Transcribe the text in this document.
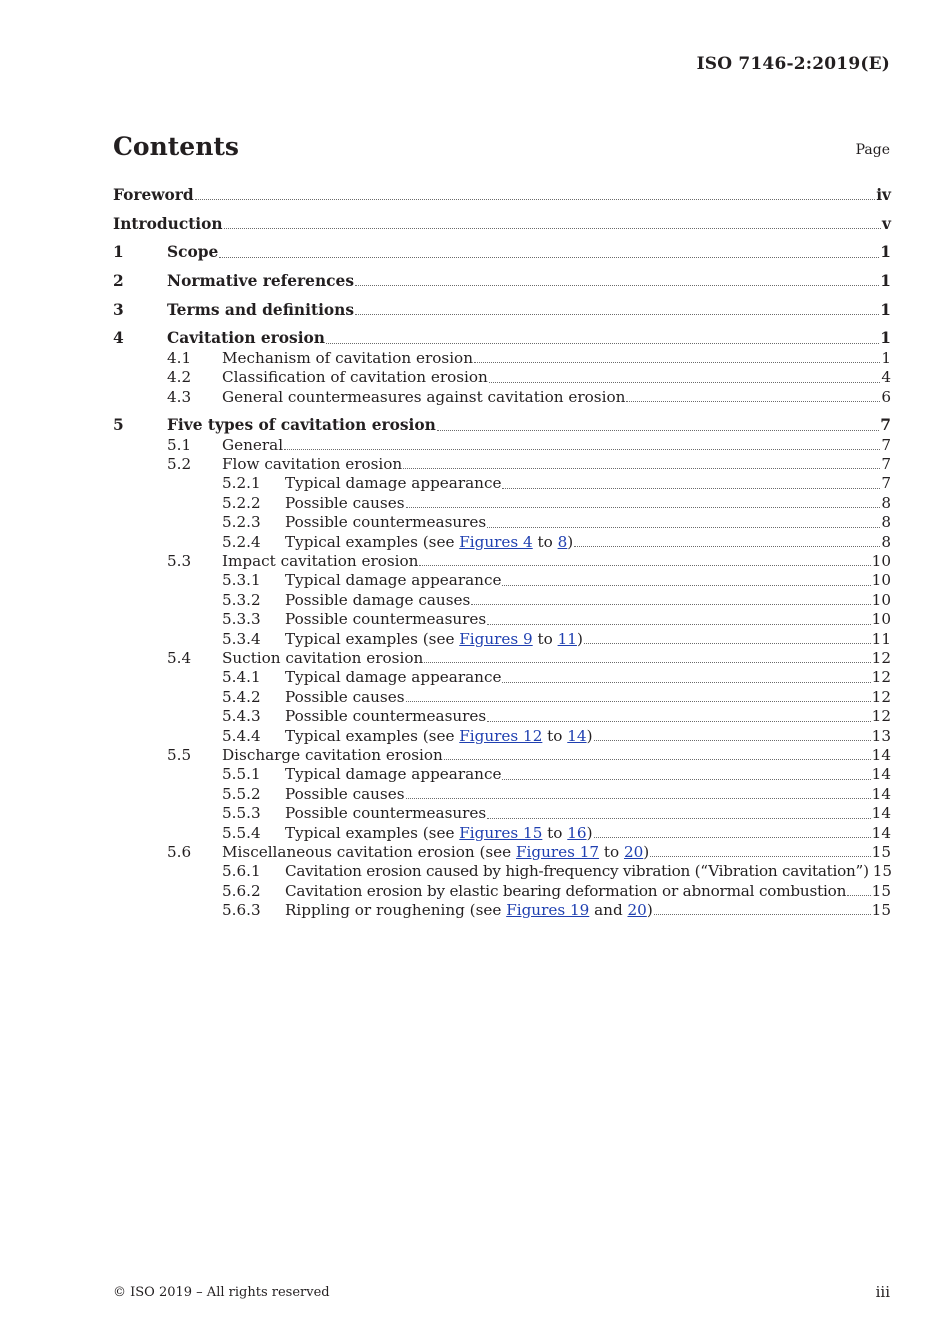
ISO 7146-2:2019(E)
Contents	Page
Foreword	iv
Introduction	v
1	Scope	1
2	Normative references	1
3	Terms and definitions	1
4	Cavitation erosion	1
4.1 Mechanism of cavitation erosion	1
4.2 Classification of cavitation erosion	4
4.3 General countermeasures against cavitation erosion	6
5	Five types of cavitation erosion	7
5.1 General	7
5.2 Flow cavitation erosion	7
5.2.1 Typical damage appearance	7
5.2.2 Possible causes	8
5.2.3 Possible countermeasures	8
5.2.4 Typical examples (see Figures 4 to 8)	8
5.3 Impact cavitation erosion	10
5.3.1 Typical damage appearance	10
5.3.2 Possible damage causes	10
5.3.3 Possible countermeasures	10
5.3.4 Typical examples (see Figures 9 to 11)	11
5.4 Suction cavitation erosion	12
5.4.1 Typical damage appearance	12
5.4.2 Possible causes	12
5.4.3 Possible countermeasures	12
5.4.4 Typical examples (see Figures 12 to 14)	13
5.5 Discharge cavitation erosion	14
5.5.1 Typical damage appearance	14
5.5.2 Possible causes	14
5.5.3 Possible countermeasures	14
5.5.4 Typical examples (see Figures 15 to 16)	14
5.6 Miscellaneous cavitation erosion (see Figures 17 to 20)	15
5.6.1 Cavitation erosion caused by high-frequency vibration (“Vibration cavitation”) 15
5.6.2 Cavitation erosion by elastic bearing deformation or abnormal combustion 15
5.6.3 Rippling or roughening (see Figures 19 and 20)	15
© ISO 2019 – All rights reserved	iii
